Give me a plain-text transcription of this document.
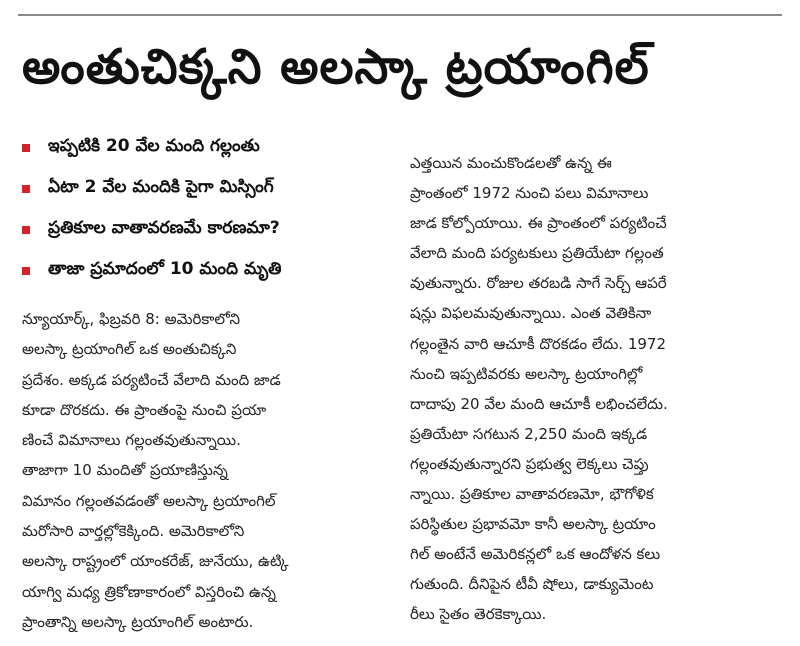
అంతుచిక్కని అలస్కా ట్రయాంగిల్
ఇప్పటికి 20 వేల మంది గల్లంతు
ఏటా 2 వేల మందికి పైగా మిస్సింగ్
ప్రతికూల వాతావరణమే కారణమా?
తాజా ప్రమాదంలో 10 మంది మృతి
న్యూయార్క్, ఫిబ్రవరి 8: అమెరికాలోని
అలస్కా ట్రయాంగిల్ ఒక అంతుచిక్కని
ప్రదేశం. అక్కడ పర్యటించే వేలాది మంది జాడ
కూడా దొరకదు. ఈ ప్రాంతంపై నుంచి ప్రయా
ణించే విమానాలు గల్లంతవుతున్నాయి.
తాజాగా 10 మందితో ప్రయాణిస్తున్న
విమానం గల్లంతవడంతో అలస్కా ట్రయాంగిల్
మరోసారి వార్తల్లోకెక్కింది. అమెరికాలోని
అలస్కా రాష్ట్రంలో యాంకరేజ్, జునేయు, ఉట్కి
యాగ్వి మధ్య త్రికోణాకారంలో విస్తరించి ఉన్న
ప్రాంతాన్ని అలస్కా ట్రయాంగిల్ అంటారు.
ఎత్తయిన మంచుకొండలతో ఉన్న ఈ
ప్రాంతంలో 1972 నుంచి పలు విమానాలు
జాడ కోల్పోయాయి. ఈ ప్రాంతంలో పర్యటించే
వేలాది మంది పర్యటకులు ప్రతియేటా గల్లంత
వుతున్నారు. రోజుల తరబడి సాగే సెర్చ్ ఆపరే
షన్లు విఫలమవుతున్నాయి. ఎంత వెతికినా
గల్లంతైన వారి ఆచూకీ దొరకడం లేదు. 1972
నుంచి ఇప్పటివరకు అలస్కా ట్రయాంగిల్లో
దాదాపు 20 వేల మంది ఆచూకీ లభించలేదు.
ప్రతియేటా సగటున 2,250 మంది ఇక్కడ
గల్లంతవుతున్నారని ప్రభుత్వ లెక్కలు చెప్తు
న్నాయి. ప్రతికూల వాతావరణమో, భౌగోళిక
పరిస్థితుల ప్రభావమో కానీ అలస్కా ట్రయాం
గిల్ అంటేనే అమెరికన్లలో ఒక ఆందోళన కలు
గుతుంది. దీనిపైన టీవీ షోలు, డాక్యుమెంట
రీలు సైతం తెరకెక్కాయి.
